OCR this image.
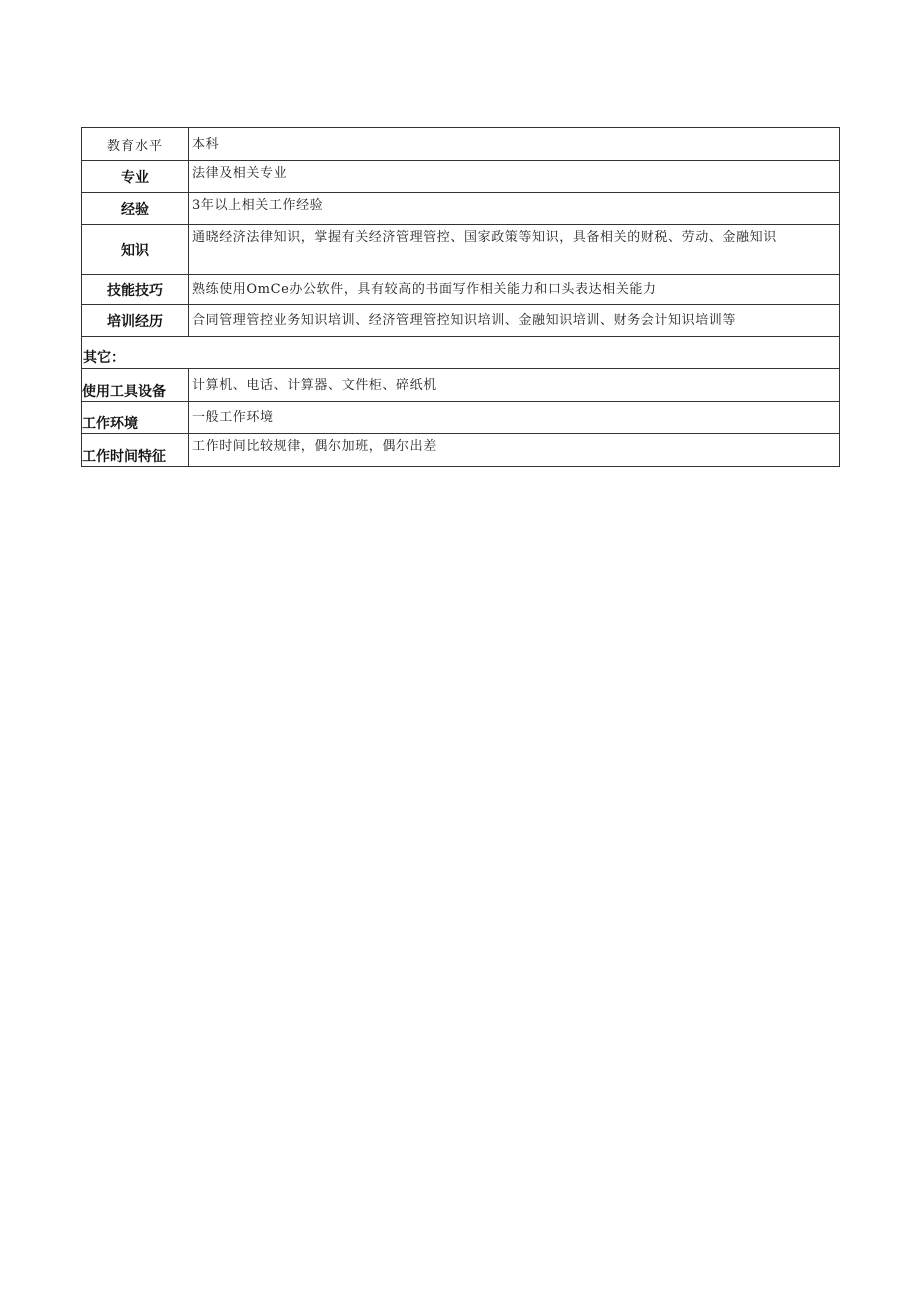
教育水平	本科
专业	法律及相关专业
经验	3年以上相关工作经验
知识	通晓经济法律知识，掌握有关经济管理管控、国家政策等知识，具备相关的财税、劳动、金融知识
技能技巧	熟练使用OmCe办公软件，具有较高的书面写作相关能力和口头表达相关能力
培训经历	合同管理管控业务知识培训、经济管理管控知识培训、金融知识培训、财务会计知识培训等
其它：	
使用工具设备	计算机、电话、计算器、文件柜、碎纸机
工作环境	一般工作环境
工作时间特征	工作时间比较规律，偶尔加班，偶尔出差
